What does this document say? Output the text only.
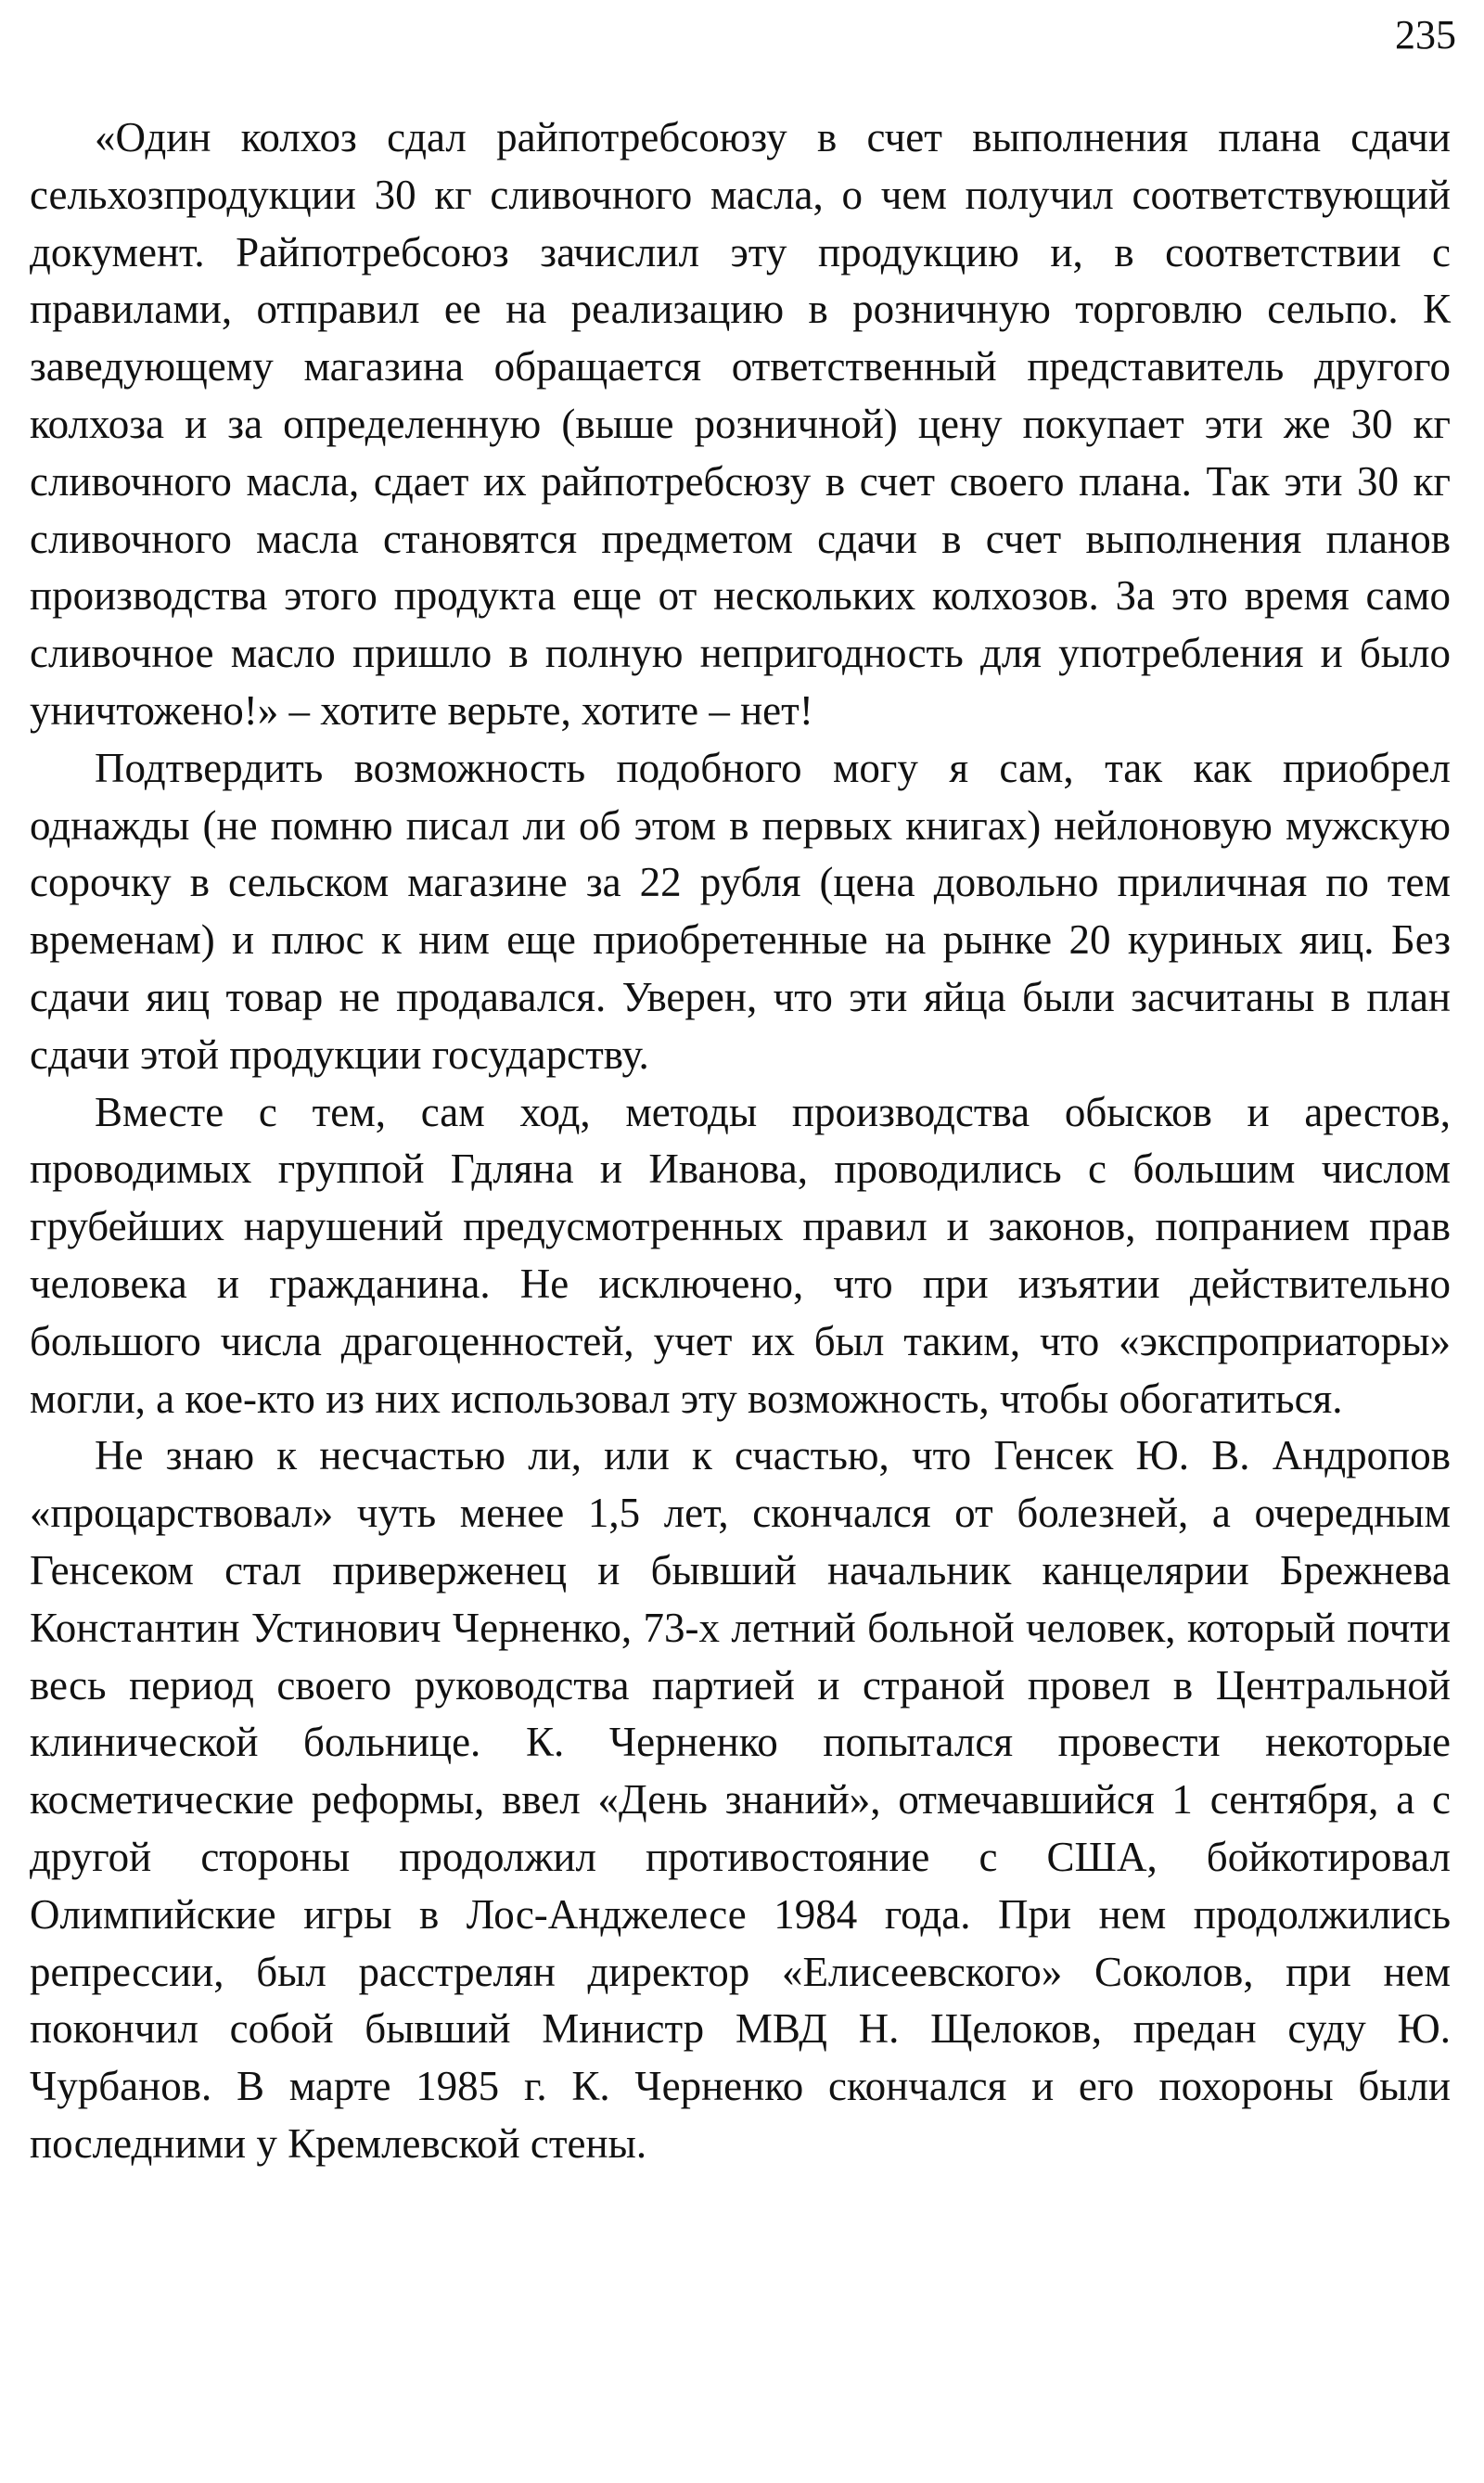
235

«Один колхоз сдал райпотребсоюзу в счет выполнения плана сдачи сельхозпродукции 30 кг сливочного масла, о чем получил соответствующий документ. Райпотребсоюз зачислил эту продукцию и, в соответствии с правилами, отправил ее на реализацию в розничную торговлю сельпо. К заведующему магазина обращается ответственный представитель другого колхоза и за определенную (выше розничной) цену покупает эти же 30 кг сливочного масла, сдает их райпотребсюзу в счет своего плана. Так эти 30 кг сливочного масла становятся предметом сдачи в счет выполнения планов производства этого продукта еще от нескольких колхозов. За это время само сливочное масло пришло в полную непригодность для употребления и было уничтожено!» – хотите верьте, хотите – нет!

Подтвердить возможность подобного могу я сам, так как приобрел однажды (не помню писал ли об этом в первых книгах) нейлоновую мужскую сорочку в сельском магазине за 22 рубля (цена довольно приличная по тем временам) и плюс к ним еще приобретенные на рынке 20 куриных яиц. Без сдачи яиц товар не продавался. Уверен, что эти яйца были засчитаны в план сдачи этой продукции государству.

Вместе с тем, сам ход, методы производства обысков и арестов, проводимых группой Гдляна и Иванова, проводились с большим числом грубейших нарушений предусмотренных правил и законов, попранием прав человека и гражданина. Не исключено, что при изъятии действительно большого числа драгоценностей, учет их был таким, что «экспроприаторы» могли, а кое-кто из них использовал эту возможность, чтобы обогатиться.

Не знаю к несчастью ли, или к счастью, что Генсек Ю. В. Андропов «процарствовал» чуть менее 1,5 лет, скончался от болезней, а очередным Генсеком стал приверженец и бывший начальник канцелярии Брежнева Константин Устинович Черненко, 73-х летний больной человек, который почти весь период своего руководства партией и страной провел в Центральной клинической больнице. К. Черненко попытался провести некоторые косметические реформы, ввел «День знаний», отмечавшийся 1 сентября, а с другой стороны продолжил противостояние с США, бойкотировал Олимпийские игры в Лос-Анджелесе 1984 года. При нем продолжились репрессии, был расстрелян директор «Елисеевского» Соколов, при нем покончил собой бывший Министр МВД Н. Щелоков, предан суду Ю. Чурбанов. В марте 1985 г. К. Черненко скончался и его похороны были последними у Кремлевской стены.
